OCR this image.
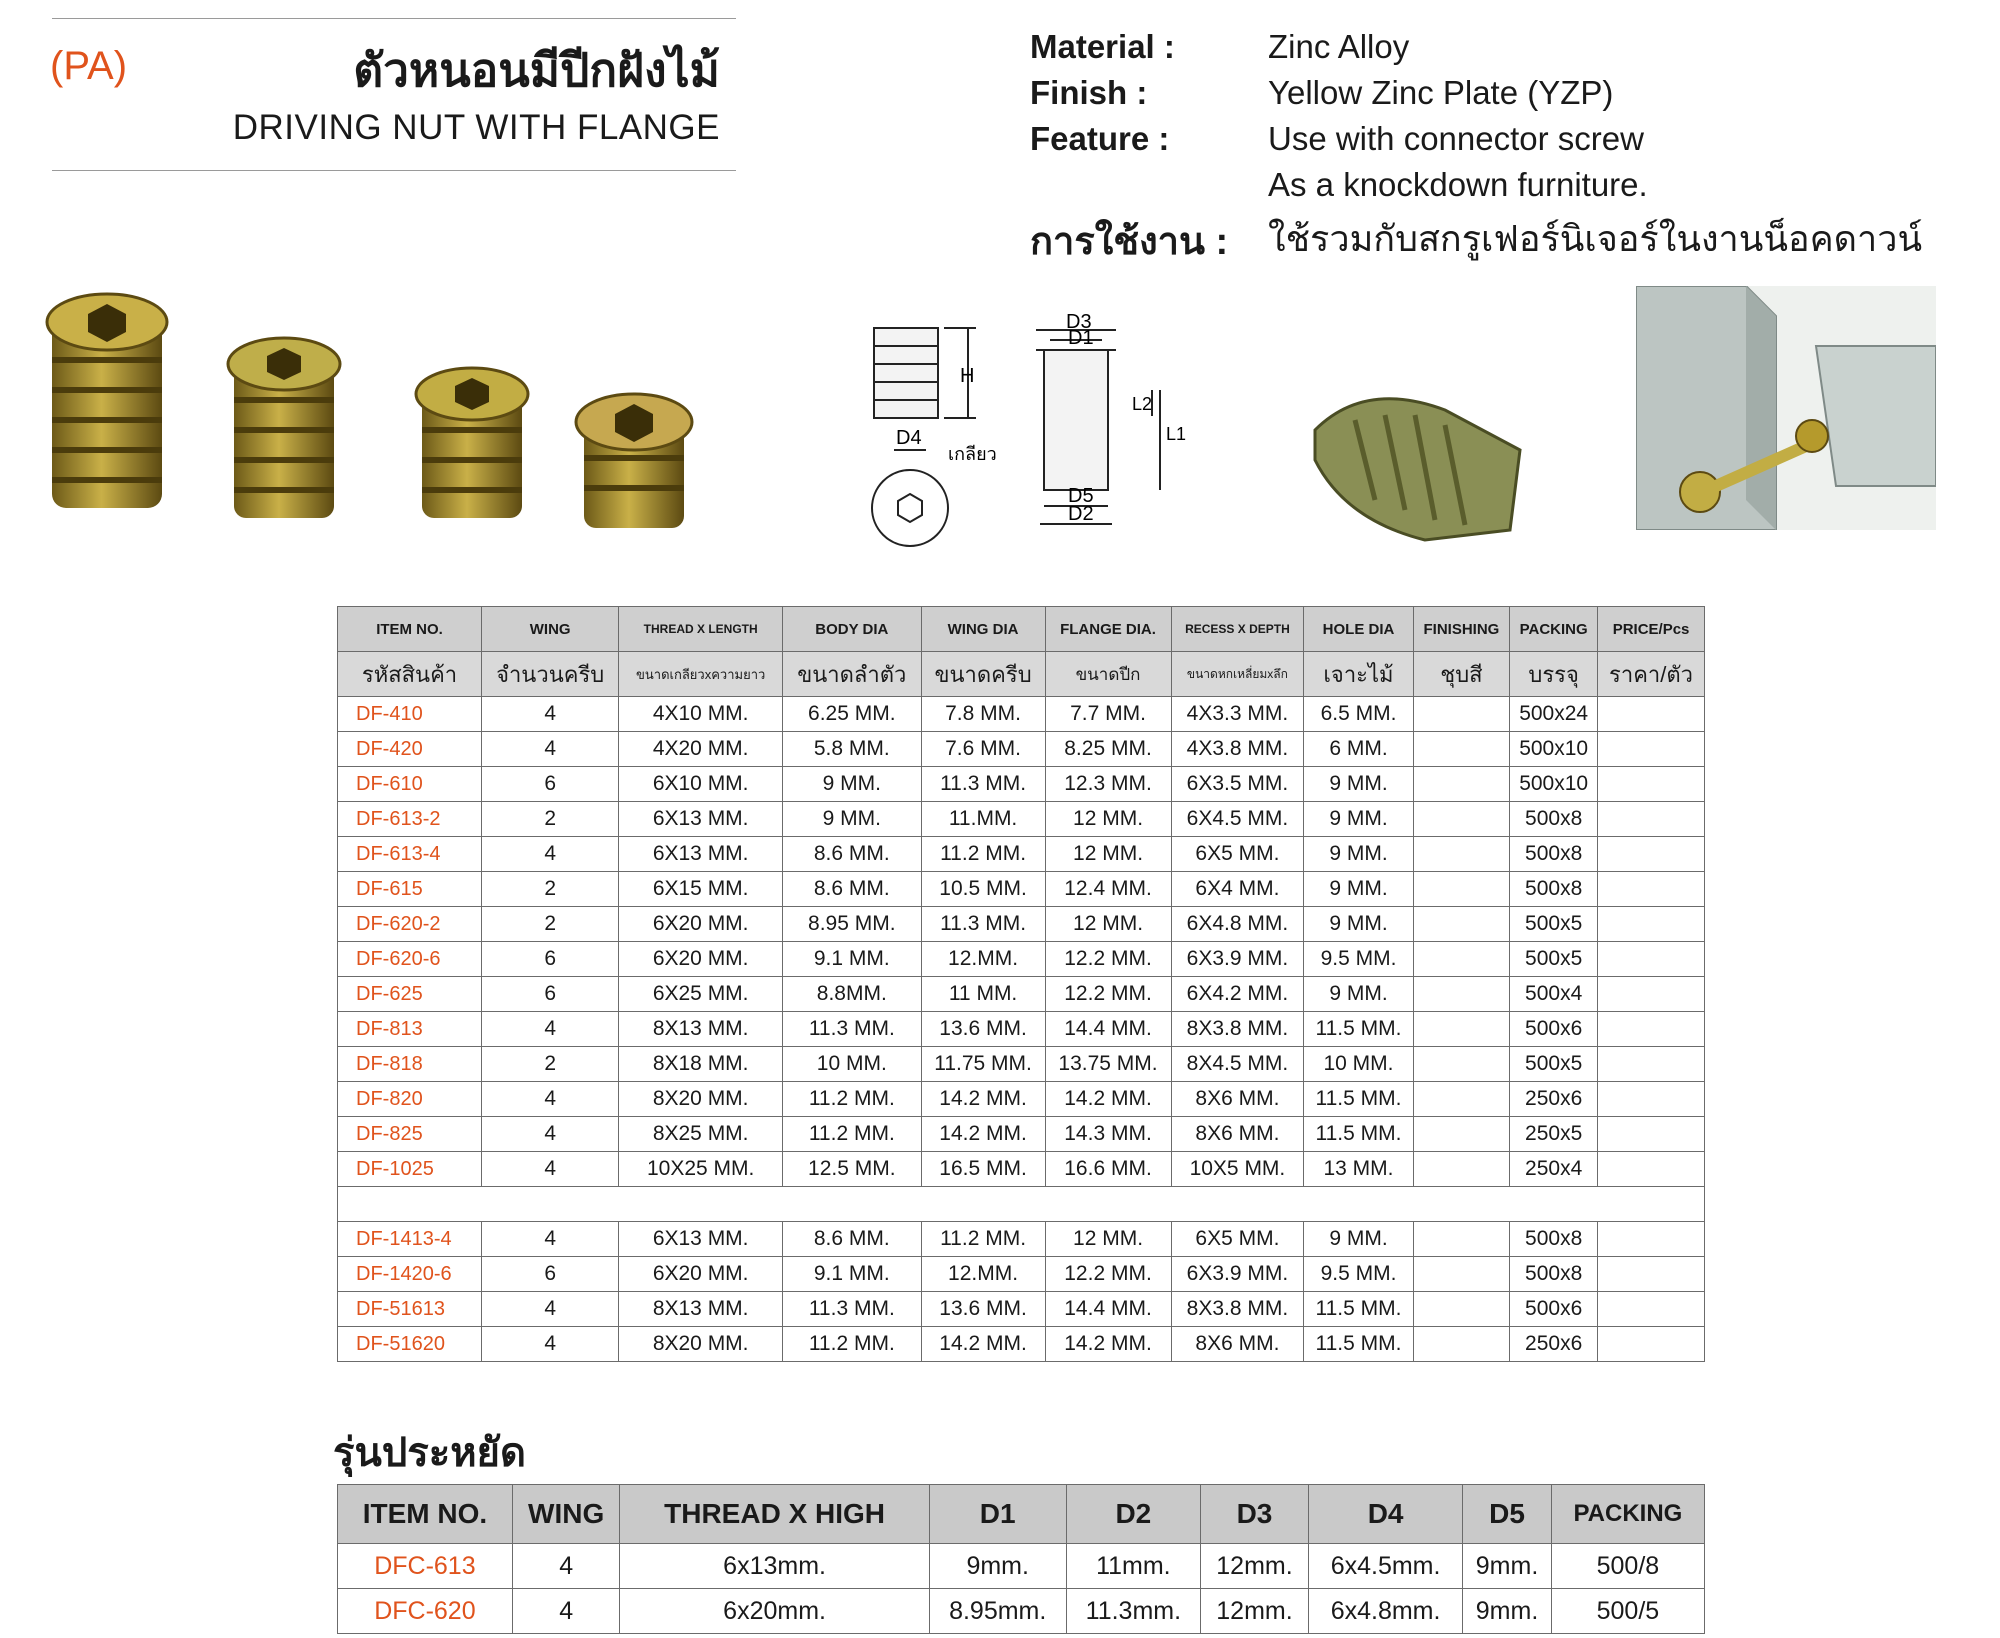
(PA)	ตัวหนอนมีปีกฝังไม้
DRIVING NUT WITH FLANGE
Material :	Zinc Alloy
Finish :	Yellow Zinc Plate (YZP)
Feature :	Use with connector screw
As a knockdown furniture.
การใช้งาน : ใช้รวมกับสกรูเฟอร์นิเจอร์ในงานน็อคดาวน์
H
D4
เกลียว
D3
D1
L2
L1
D5
D2
ITEM NO.	WING	THREAD X LENGTH	BODY DIA	WING DIA	FLANGE DIA.	RECESS X DEPTH	HOLE DIA	FINISHING	PACKING	PRICE/Pcs
รหัสสินค้า	จำนวนครีบ	ขนาดเกลียวxความยาว	ขนาดลำตัว	ขนาดครีบ	ขนาดปีก	ขนาดหกเหลี่ยมxลึก	เจาะไม้	ชุบสี	บรรจุ	ราคา/ตัว
DF-410	4	4X10 MM.	6.25 MM.	7.8 MM.	7.7 MM.	4X3.3 MM.	6.5 MM.		500x24	
DF-420	4	4X20 MM.	5.8 MM.	7.6 MM.	8.25 MM.	4X3.8 MM.	6 MM.		500x10	
DF-610	6	6X10 MM.	9 MM.	11.3 MM.	12.3 MM.	6X3.5 MM.	9 MM.		500x10	
DF-613-2	2	6X13 MM.	9 MM.	11.MM.	12 MM.	6X4.5 MM.	9 MM.		500x8	
DF-613-4	4	6X13 MM.	8.6 MM.	11.2 MM.	12 MM.	6X5 MM.	9 MM.		500x8	
DF-615	2	6X15 MM.	8.6 MM.	10.5 MM.	12.4 MM.	6X4 MM.	9 MM.		500x8	
DF-620-2	2	6X20 MM.	8.95 MM.	11.3 MM.	12 MM.	6X4.8 MM.	9 MM.		500x5	
DF-620-6	6	6X20 MM.	9.1 MM.	12.MM.	12.2 MM.	6X3.9 MM.	9.5 MM.		500x5	
DF-625	6	6X25 MM.	8.8MM.	11 MM.	12.2 MM.	6X4.2 MM.	9 MM.		500x4	
DF-813	4	8X13 MM.	11.3 MM.	13.6 MM.	14.4 MM.	8X3.8 MM.	11.5 MM.		500x6	
DF-818	2	8X18 MM.	10 MM.	11.75 MM.	13.75 MM.	8X4.5 MM.	10 MM.		500x5	
DF-820	4	8X20 MM.	11.2 MM.	14.2 MM.	14.2 MM.	8X6 MM.	11.5 MM.		250x6	
DF-825	4	8X25 MM.	11.2 MM.	14.2 MM.	14.3 MM.	8X6 MM.	11.5 MM.		250x5	
DF-1025	4	10X25 MM.	12.5 MM.	16.5 MM.	16.6 MM.	10X5 MM.	13 MM.		250x4	

DF-1413-4	4	6X13 MM.	8.6 MM.	11.2 MM.	12 MM.	6X5 MM.	9 MM.		500x8	
DF-1420-6	6	6X20 MM.	9.1 MM.	12.MM.	12.2 MM.	6X3.9 MM.	9.5 MM.		500x8	
DF-51613	4	8X13 MM.	11.3 MM.	13.6 MM.	14.4 MM.	8X3.8 MM.	11.5 MM.		500x6	
DF-51620	4	8X20 MM.	11.2 MM.	14.2 MM.	14.2 MM.	8X6 MM.	11.5 MM.		250x6	
รุ่นประหยัด
ITEM NO.	WING	THREAD X HIGH	D1	D2	D3	D4	D5	PACKING
DFC-613	4	6x13mm.	9mm.	11mm.	12mm.	6x4.5mm.	9mm.	500/8
DFC-620	4	6x20mm.	8.95mm.	11.3mm.	12mm.	6x4.8mm.	9mm.	500/5
